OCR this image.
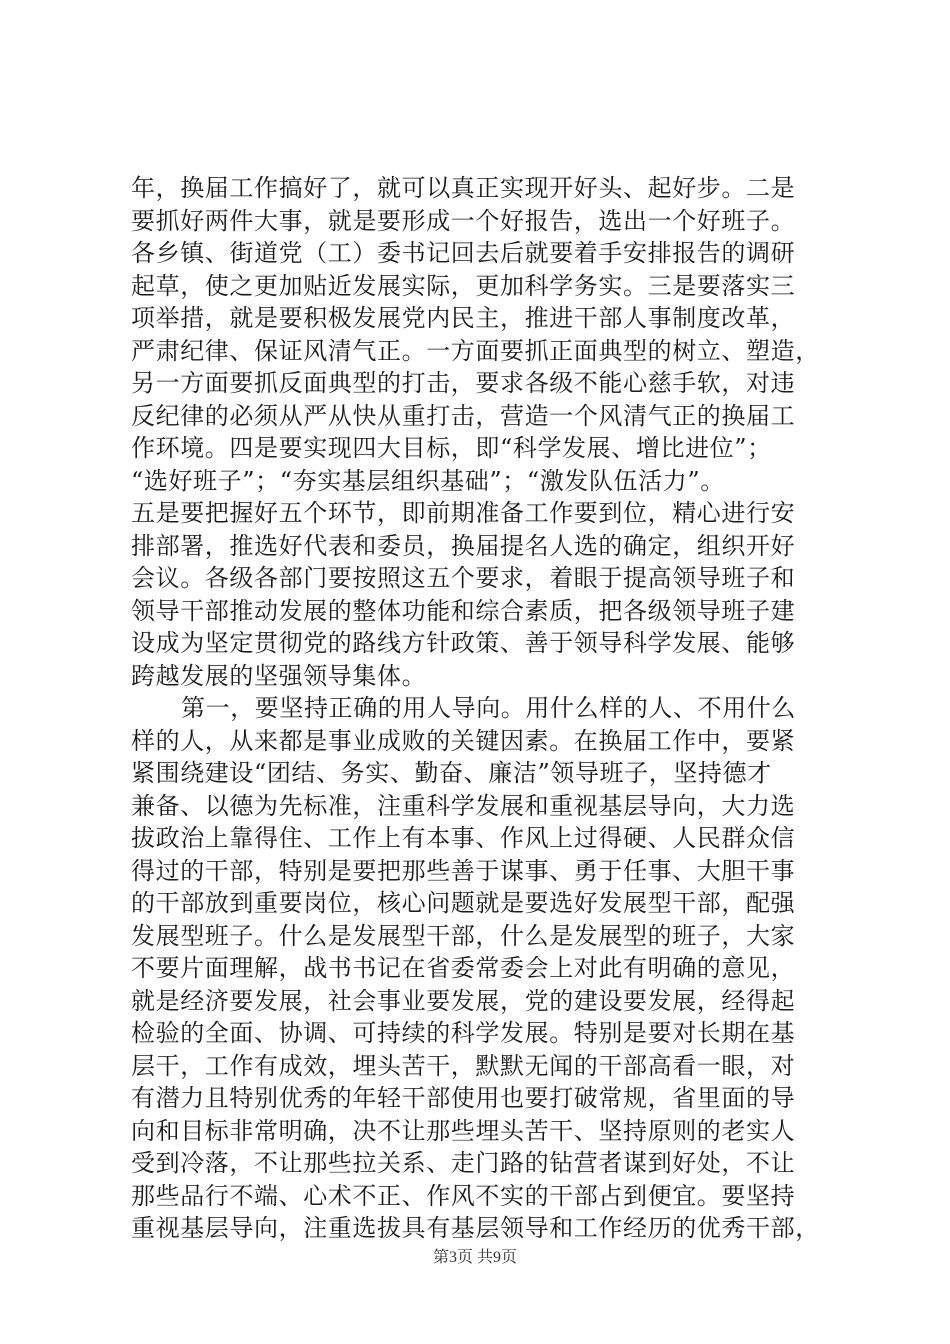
年，换届工作搞好了，就可以真正实现开好头、起好步。二是
要抓好两件大事，就是要形成一个好报告，选出一个好班子。
各乡镇、街道党（工）委书记回去后就要着手安排报告的调研
起草，使之更加贴近发展实际，更加科学务实。三是要落实三
项举措，就是要积极发展党内民主，推进干部人事制度改革，
严肃纪律、保证风清气正。一方面要抓正面典型的树立、塑造，
另一方面要抓反面典型的打击，要求各级不能心慈手软，对违
反纪律的必须从严从快从重打击，营造一个风清气正的换届工
作环境。四是要实现四大目标，即“科学发展、增比进位”；
“选好班子”；“夯实基层组织基础”；“激发队伍活力”。
五是要把握好五个环节，即前期准备工作要到位，精心进行安
排部署，推选好代表和委员，换届提名人选的确定，组织开好
会议。各级各部门要按照这五个要求，着眼于提高领导班子和
领导干部推动发展的整体功能和综合素质，把各级领导班子建
设成为坚定贯彻党的路线方针政策、善于领导科学发展、能够
跨越发展的坚强领导集体。
第一，要坚持正确的用人导向。用什么样的人、不用什么
样的人，从来都是事业成败的关键因素。在换届工作中，要紧
紧围绕建设“团结、务实、勤奋、廉洁”领导班子，坚持德才
兼备、以德为先标准，注重科学发展和重视基层导向，大力选
拔政治上靠得住、工作上有本事、作风上过得硬、人民群众信
得过的干部，特别是要把那些善于谋事、勇于任事、大胆干事
的干部放到重要岗位，核心问题就是要选好发展型干部，配强
发展型班子。什么是发展型干部，什么是发展型的班子，大家
不要片面理解，战书书记在省委常委会上对此有明确的意见，
就是经济要发展，社会事业要发展，党的建设要发展，经得起
检验的全面、协调、可持续的科学发展。特别是要对长期在基
层干，工作有成效，埋头苦干，默默无闻的干部高看一眼，对
有潜力且特别优秀的年轻干部使用也要打破常规，省里面的导
向和目标非常明确，决不让那些埋头苦干、坚持原则的老实人
受到冷落，不让那些拉关系、走门路的钻营者谋到好处，不让
那些品行不端、心术不正、作风不实的干部占到便宜。要坚持
重视基层导向，注重选拔具有基层领导和工作经历的优秀干部，
第3页 共9页
